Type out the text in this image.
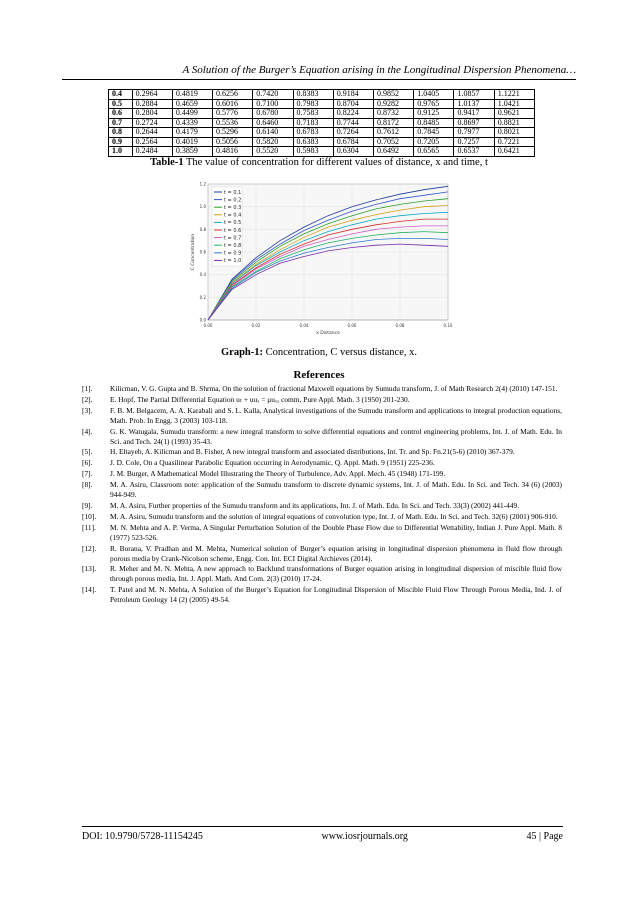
A Solution of the Burger’s Equation arising in the Longitudinal Dispersion Phenomena…
0.4	0.2964	0.4819	0.6256	0.7420	0.8383	0.9184	0.9852	1.0405	1.0857	1.1221
0.5	0.2884	0.4659	0.6016	0.7100	0.7983	0.8704	0.9282	0.9765	1.0137	1.0421
0.6	0.2804	0.4499	0.5776	0.6780	0.7583	0.8224	0.8732	0.9125	0.9417	0.9621
0.7	0.2724	0.4339	0.5536	0.6460	0.7183	0.7744	0.8172	0.8485	0.8697	0.8821
0.8	0.2644	0.4179	0.5296	0.6140	0.6783	0.7264	0.7612	0.7845	0.7977	0.8021
0.9	0.2564	0.4019	0.5056	0.5820	0.6383	0.6784	0.7052	0.7205	0.7257	0.7221
1.0	0.2484	0.3859	0.4816	0.5520	0.5983	0.6304	0.6492	0.6565	0.6537	0.6421
Table-1 The value of concentration for different values of distance, x and time, t
0.00	0.02	0.04	0.06	0.08	0.10
0.0
0.2
0.4
0.6
0.8
1.0
1.2
t = 0.1
t = 0.2
t = 0.3
t = 0.4
t = 0.5
t = 0.6
t = 0.7
t = 0.8
t = 0.9
t = 1.0
x Distance
C Concentration
Graph-1: Concentration, C versus distance, x.
References
[1].	Kilicman, V. G. Gupta and B. Shrma, On the solution of fractional Maxwell equations by Sumudu transform, J. of Math Research 2(4) (2010) 147-151.
[2].	E. Hopf, The Partial Differential Equation uₜ + uuₓ = μuₓₓ comm, Pure Appl. Math. 3 (1950) 201-230.
[3].	F. B. M. Belgacem, A. A. Karabali and S. L. Kalla, Analytical investigations of the Sumudu transform and applications to integral production equations, Math. Prob. In Engg. 3 (2003) 103-118.
[4].	G. K. Watugala, Sumudu transform: a new integral transform to solve differential equations and control engineering problems, Int. J. of Math. Edu. In Sci. and Tech. 24(1) (1993) 35-43.
[5].	H. Eltayeb, A. Kilicman and B. Fisher, A new integral transform and associated distributions, Int. Tr. and Sp. Fn.21(5-6) (2010) 367-379.
[6].	J. D. Cole, On a Quasilinear Parabolic Equation occurring in Aerodynamic, Q. Appl. Math. 9 (1951) 225-236.
[7].	J. M. Burger, A Mathematical Model Illustrating the Theory of Turbulence, Adv. Appl. Mech. 45 (1948) 171-199.
[8].	M. A. Asiru, Classroom note: application of the Sumudu transform to discrete dynamic systems, Int. J. of Math. Edu. In Sci. and Tech. 34 (6) (2003) 944-949.
[9].	M. A. Asiru, Further properties of the Sumudu transform and its applications, Int. J. of Math. Edu. In Sci. and Tech. 33(3) (2002) 441-449.
[10].	M. A. Asiru, Sumudu transform and the solution of integral equations of convolution type, Int. J. of Math. Edu. In Sci. and Tech. 32(6) (2001) 906-910.
[11].	M. N. Mehta and A. P. Verma, A Singular Perturbation Solution of the Double Phase Flow due to Differential Wettability, Indian J. Pure Appl. Math. 8 (1977) 523-526.
[12].	R. Borana, V. Pradhan and M. Mehta, Numerical solution of Burger’s equation arising in longitudinal dispersion phenomena in fluid flow through porous media by Crank-Nicolson scheme, Engg. Con. Int. ECI Digital Archieves (2014).
[13].	R. Meher and M. N. Mehta, A new approach to Backlund transformations of Burger equation arising in longitudinal dispersion of miscible fluid flow through porous media, Int. J. Appl. Math. And Com. 2(3) (2010) 17-24.
[14].	T. Patel and M. N. Mehta, A Solution of the Burger’s Equation for Longitudinal Dispersion of Miscible Fluid Flow Through Porous Media, Ind. J. of Petroleum Geology 14 (2) (2005) 49-54.
DOI: 10.9790/5728-11154245	www.iosrjournals.org	45 | Page
